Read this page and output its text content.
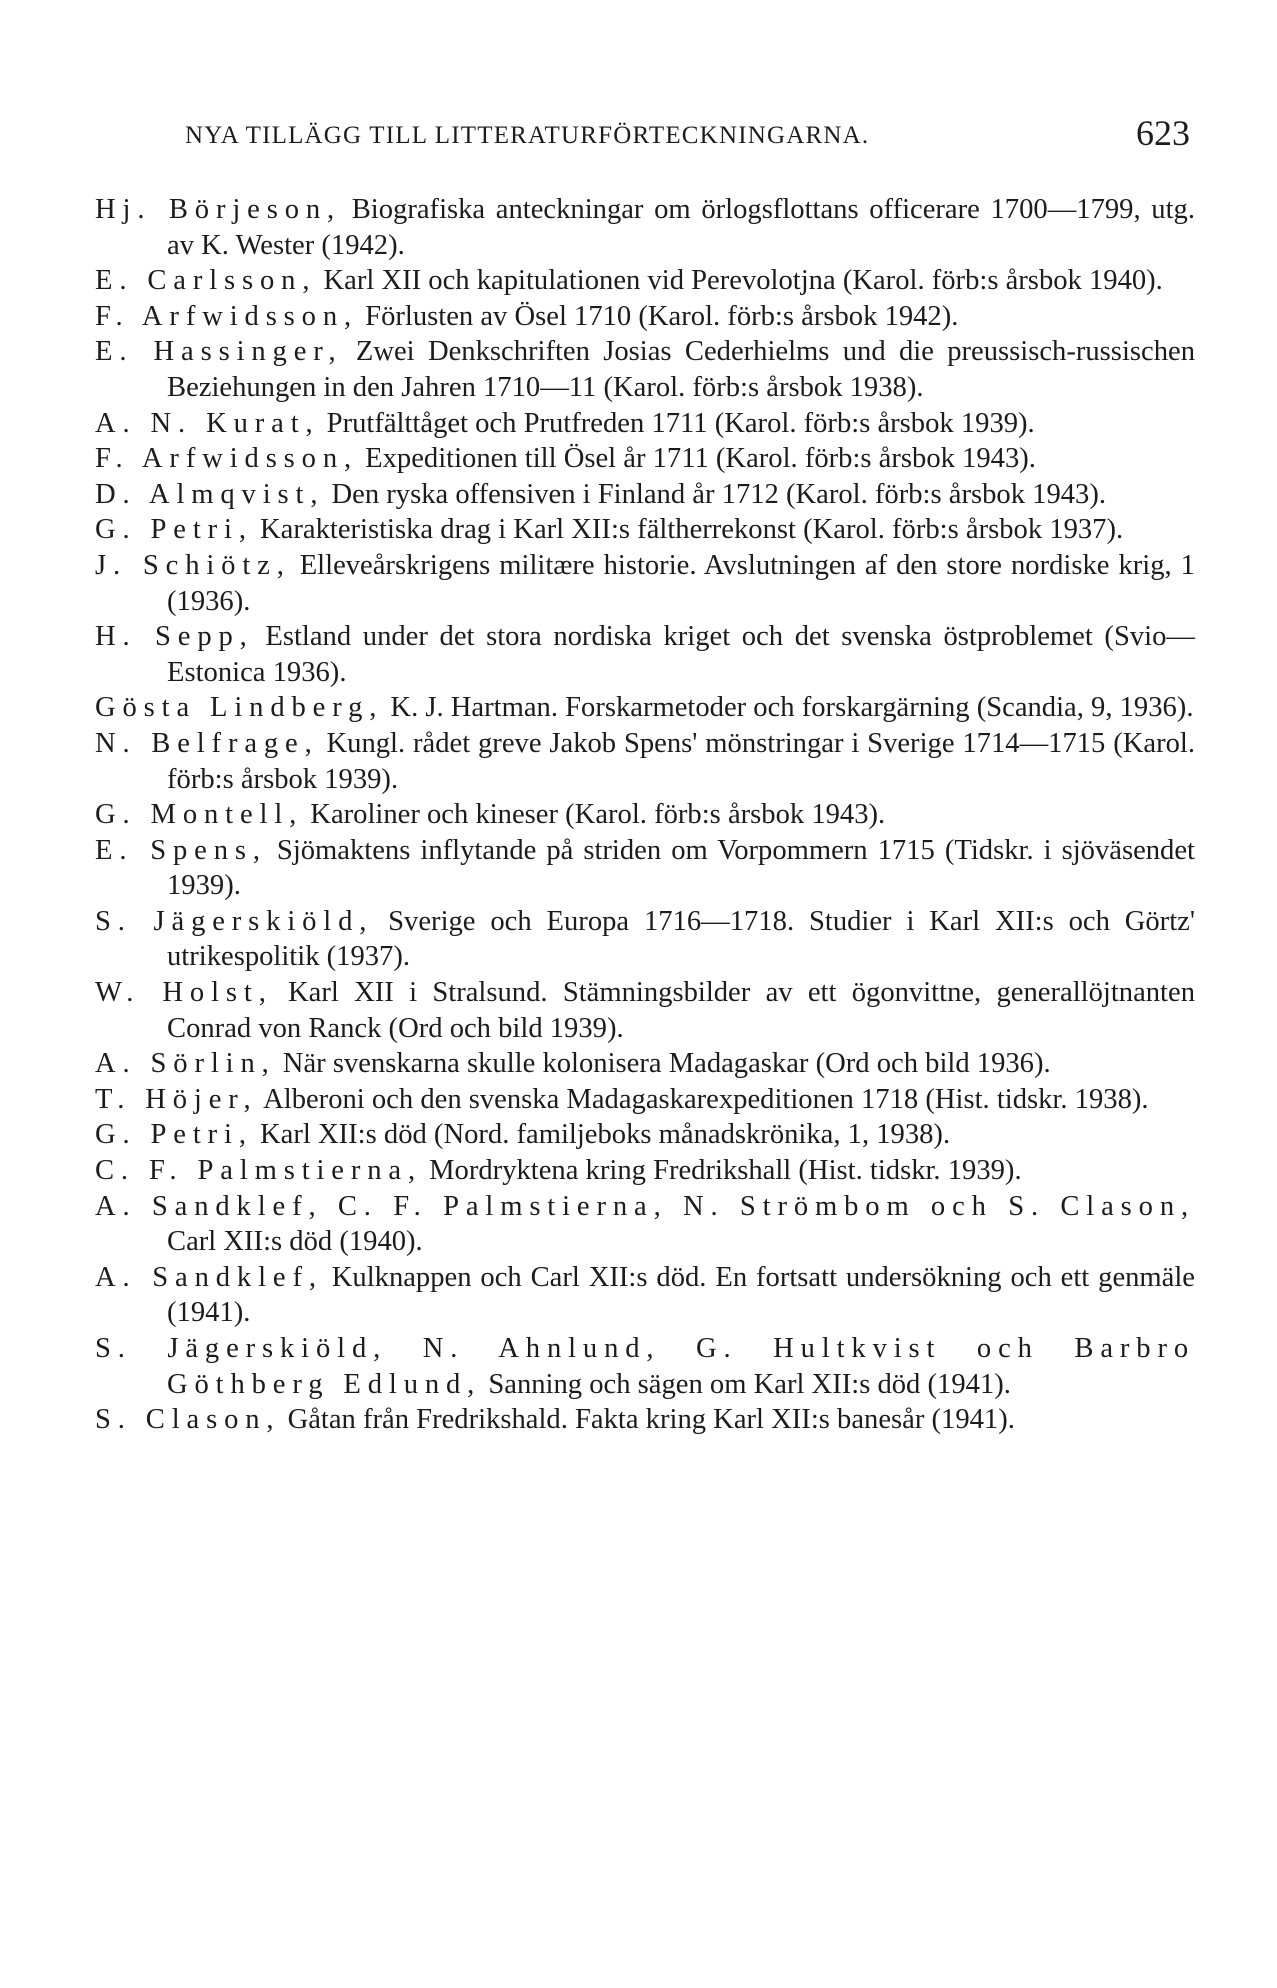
NYA TILLÄGG TILL LITTERATURFÖRTECKNINGARNA.	623

Hj. Börjeson, Biografiska anteckningar om örlogsflottans officerare 1700—1799, utg. av K. Wester (1942).

E. Carlsson, Karl XII och kapitulationen vid Perevolotjna (Karol. förb:s årsbok 1940).

F. Arfwidsson, Förlusten av Ösel 1710 (Karol. förb:s årsbok 1942).

E. Hassinger, Zwei Denkschriften Josias Cederhielms und die preussisch-russischen Beziehungen in den Jahren 1710—11 (Karol. förb:s årsbok 1938).

A. N. Kurat, Prutfälttåget och Prutfreden 1711 (Karol. förb:s årsbok 1939).

F. Arfwidsson, Expeditionen till Ösel år 1711 (Karol. förb:s årsbok 1943).

D. Almqvist, Den ryska offensiven i Finland år 1712 (Karol. förb:s årsbok 1943).

G. Petri, Karakteristiska drag i Karl XII:s fältherrekonst (Karol. förb:s årsbok 1937).

J. Schiötz, Elleveårskrigens militære historie. Avslutningen af den store nordiske krig, 1 (1936).

H. Sepp, Estland under det stora nordiska kriget och det svenska östproblemet (Svio—Estonica 1936).

Gösta Lindberg, K. J. Hartman. Forskarmetoder och forskargärning (Scandia, 9, 1936).

N. Belfrage, Kungl. rådet greve Jakob Spens' mönstringar i Sverige 1714—1715 (Karol. förb:s årsbok 1939).

G. Montell, Karoliner och kineser (Karol. förb:s årsbok 1943).

E. Spens, Sjömaktens inflytande på striden om Vorpommern 1715 (Tidskr. i sjöväsendet 1939).

S. Jägerskiöld, Sverige och Europa 1716—1718. Studier i Karl XII:s och Görtz' utrikespolitik (1937).

W. Holst, Karl XII i Stralsund. Stämningsbilder av ett ögonvittne, generallöjtnanten Conrad von Ranck (Ord och bild 1939).

A. Sörlin, När svenskarna skulle kolonisera Madagaskar (Ord och bild 1936).

T. Höjer, Alberoni och den svenska Madagaskarexpeditionen 1718 (Hist. tidskr. 1938).

G. Petri, Karl XII:s död (Nord. familjeboks månadskrönika, 1, 1938).

C. F. Palmstierna, Mordryktena kring Fredrikshall (Hist. tidskr. 1939).

A. Sandklef, C. F. Palmstierna, N. Strömbom och S. Clason, Carl XII:s död (1940).

A. Sandklef, Kulknappen och Carl XII:s död. En fortsatt undersökning och ett genmäle (1941).

S. Jägerskiöld, N. Ahnlund, G. Hultkvist och Barbro Göthberg Edlund, Sanning och sägen om Karl XII:s död (1941).

S. Clason, Gåtan från Fredrikshald. Fakta kring Karl XII:s banesår (1941).
